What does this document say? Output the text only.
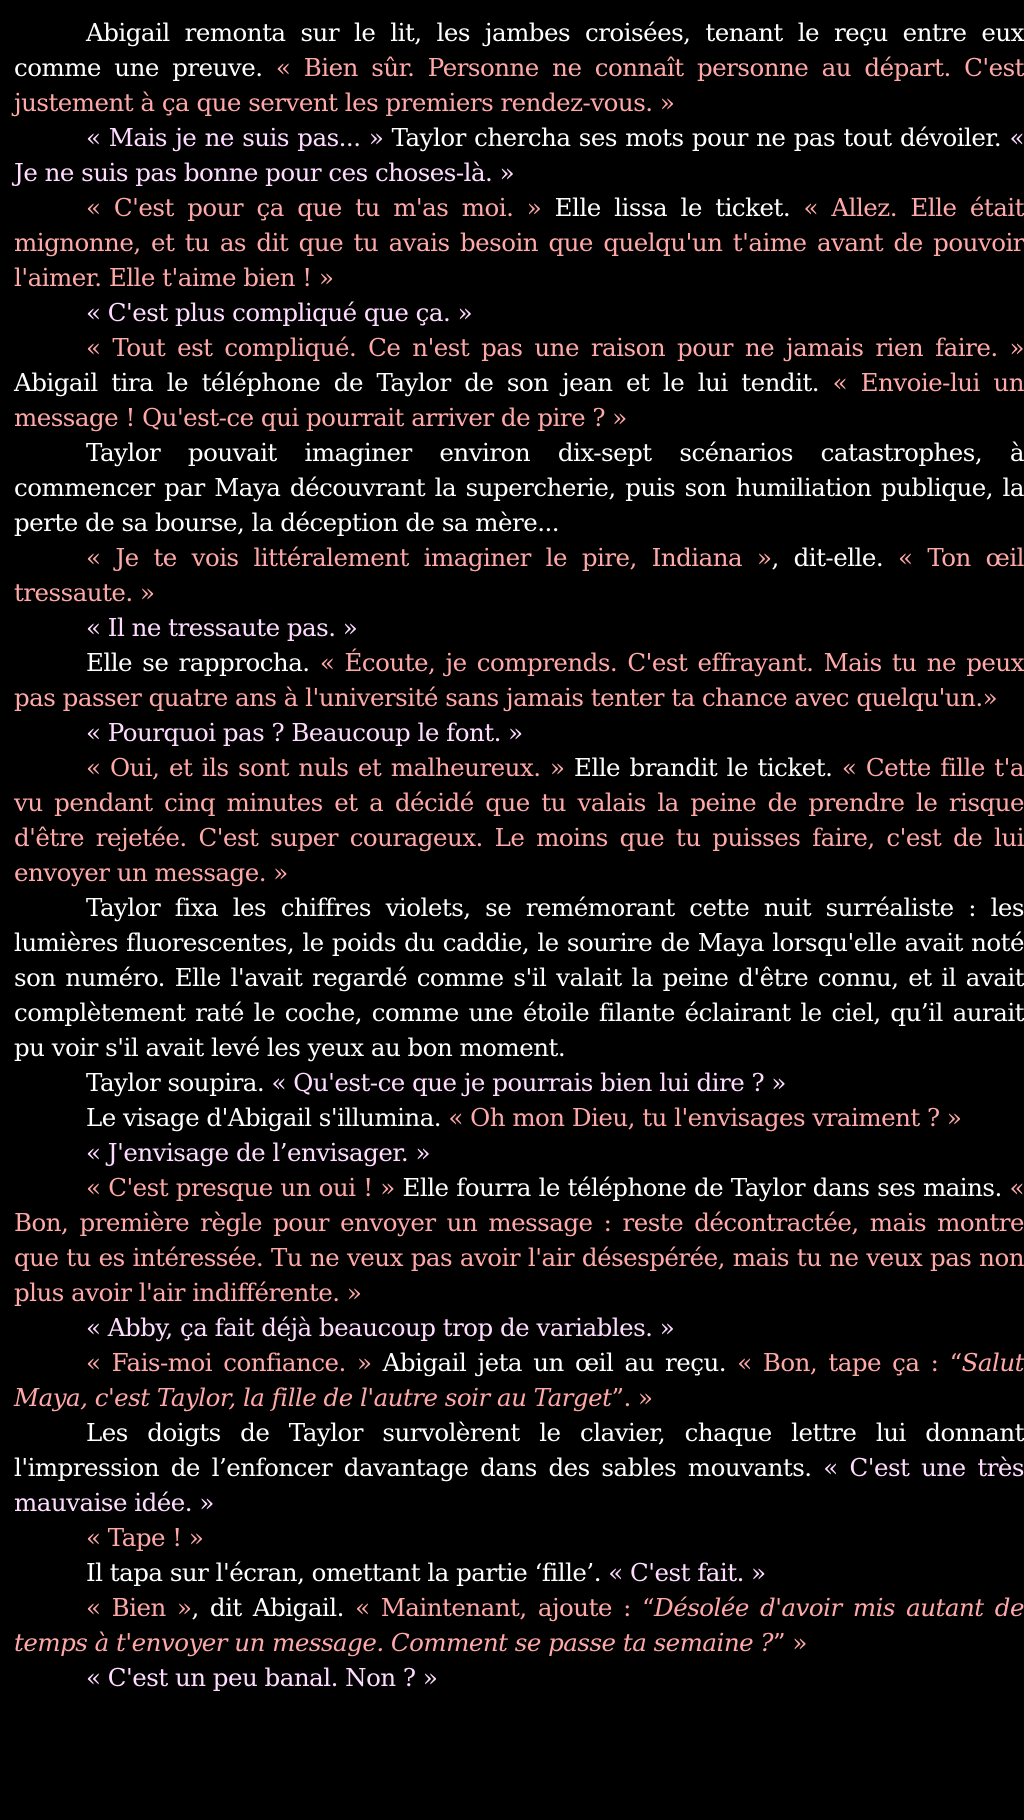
Abigail remonta sur le lit, les jambes croisées, tenant le reçu entre eux comme une preuve. « Bien sûr. Personne ne connaît personne au départ. C'est justement à ça que servent les premiers rendez-vous. »

« Mais je ne suis pas... » Taylor chercha ses mots pour ne pas tout dévoiler. « Je ne suis pas bonne pour ces choses-là. »

« C'est pour ça que tu m'as moi. » Elle lissa le ticket. « Allez. Elle était mignonne, et tu as dit que tu avais besoin que quelqu'un t'aime avant de pouvoir l'aimer. Elle t'aime bien ! »

« C'est plus compliqué que ça. »

« Tout est compliqué. Ce n'est pas une raison pour ne jamais rien faire. » Abigail tira le téléphone de Taylor de son jean et le lui tendit. « Envoie-lui un message ! Qu'est-ce qui pourrait arriver de pire ? »

Taylor pouvait imaginer environ dix-sept scénarios catastrophes, à commencer par Maya découvrant la supercherie, puis son humiliation publique, la perte de sa bourse, la déception de sa mère...

« Je te vois littéralement imaginer le pire, Indiana », dit-elle. « Ton œil tressaute. »

« Il ne tressaute pas. »

Elle se rapprocha. « Écoute, je comprends. C'est effrayant. Mais tu ne peux pas passer quatre ans à l'université sans jamais tenter ta chance avec quelqu'un.»

« Pourquoi pas ? Beaucoup le font. »

« Oui, et ils sont nuls et malheureux. » Elle brandit le ticket. « Cette fille t'a vu pendant cinq minutes et a décidé que tu valais la peine de prendre le risque d'être rejetée. C'est super courageux. Le moins que tu puisses faire, c'est de lui envoyer un message. »

Taylor fixa les chiffres violets, se remémorant cette nuit surréaliste : les lumières fluorescentes, le poids du caddie, le sourire de Maya lorsqu'elle avait noté son numéro. Elle l'avait regardé comme s'il valait la peine d'être connu, et il avait complètement raté le coche, comme une étoile filante éclairant le ciel, qu’il aurait pu voir s'il avait levé les yeux au bon moment.

Taylor soupira. « Qu'est-ce que je pourrais bien lui dire ? »

Le visage d'Abigail s'illumina. « Oh mon Dieu, tu l'envisages vraiment ? »

« J'envisage de l’envisager. »

« C'est presque un oui ! » Elle fourra le téléphone de Taylor dans ses mains. « Bon, première règle pour envoyer un message : reste décontractée, mais montre que tu es intéressée. Tu ne veux pas avoir l'air désespérée, mais tu ne veux pas non plus avoir l'air indifférente. »

« Abby, ça fait déjà beaucoup trop de variables. »

« Fais-moi confiance. » Abigail jeta un œil au reçu. « Bon, tape ça : “Salut Maya, c'est Taylor, la fille de l'autre soir au Target”. »

Les doigts de Taylor survolèrent le clavier, chaque lettre lui donnant l'impression de l’enfoncer davantage dans des sables mouvants. « C'est une très mauvaise idée. »

« Tape ! »

Il tapa sur l'écran, omettant la partie ‘fille’. « C'est fait. »

« Bien », dit Abigail. « Maintenant, ajoute : “Désolée d'avoir mis autant de temps à t'envoyer un message. Comment se passe ta semaine ?” »

« C'est un peu banal. Non ? »
